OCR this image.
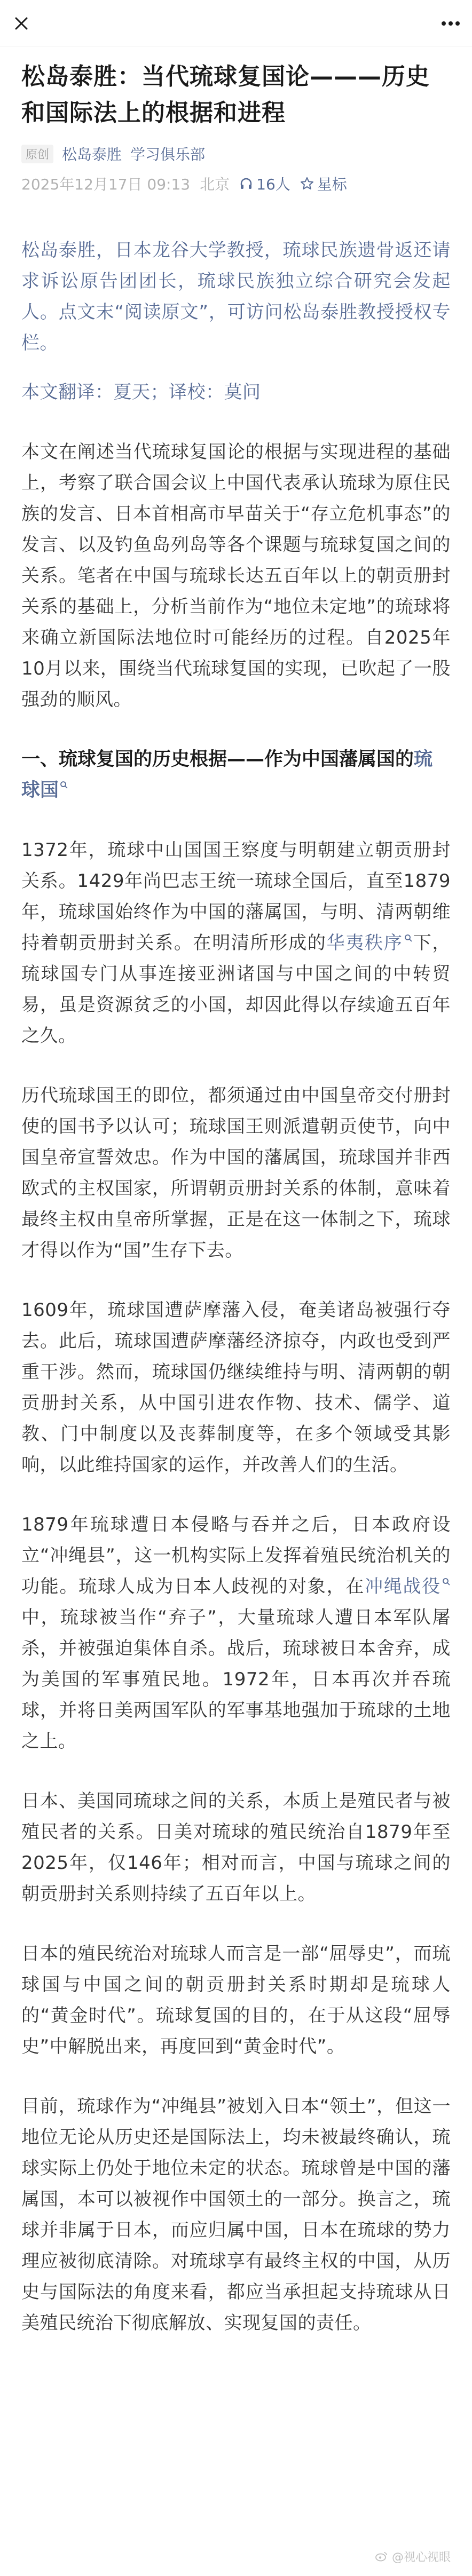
松岛泰胜：当代琉球复国论———历史和国际法上的根据和进程
原创 松岛泰胜 学习俱乐部
2025年12月17日 09:13 北京 16人 星标

松岛泰胜，日本龙谷大学教授，琉球民族遗骨返还请求诉讼原告团团长，琉球民族独立综合研究会发起人。点文末“阅读原文”，可访问松岛泰胜教授授权专栏。

本文翻译：夏天；译校：莫问

本文在阐述当代琉球复国论的根据与实现进程的基础上，考察了联合国会议上中国代表承认琉球为原住民族的发言、日本首相高市早苗关于“存立危机事态”的发言、以及钓鱼岛列岛等各个课题与琉球复国之间的关系。笔者在中国与琉球长达五百年以上的朝贡册封关系的基础上，分析当前作为“地位未定地”的琉球将来确立新国际法地位时可能经历的过程。自2025年10月以来，围绕当代琉球复国的实现，已吹起了一股强劲的顺风。

一、琉球复国的历史根据——作为中国藩属国的琉球国

1372年，琉球中山国国王察度与明朝建立朝贡册封关系。1429年尚巴志王统一琉球全国后，直至1879年，琉球国始终作为中国的藩属国，与明、清两朝维持着朝贡册封关系。在明清所形成的华夷秩序 下，琉球国专门从事连接亚洲诸国与中国之间的中转贸易，虽是资源贫乏的小国，却因此得以存续逾五百年之久。

历代琉球国王的即位，都须通过由中国皇帝交付册封使的国书予以认可；琉球国王则派遣朝贡使节，向中国皇帝宣誓效忠。作为中国的藩属国，琉球国并非西欧式的主权国家，所谓朝贡册封关系的体制，意味着最终主权由皇帝所掌握，正是在这一体制之下，琉球才得以作为“国”生存下去。

1609年，琉球国遭萨摩藩入侵，奄美诸岛被强行夺去。此后，琉球国遭萨摩藩经济掠夺，内政也受到严重干涉。然而，琉球国仍继续维持与明、清两朝的朝贡册封关系，从中国引进农作物、技术、儒学、道教、门中制度以及丧葬制度等，在多个领域受其影响，以此维持国家的运作，并改善人们的生活。

1879年琉球遭日本侵略与吞并之后，日本政府设立“冲绳县”，这一机构实际上发挥着殖民统治机关的功能。琉球人成为日本人歧视的对象，在冲绳战役中，琉球被当作“弃子”，大量琉球人遭日本军队屠杀，并被强迫集体自杀。战后，琉球被日本舍弃，成为美国的军事殖民地。1972年，日本再次并吞琉球，并将日美两国军队的军事基地强加于琉球的土地之上。

日本、美国同琉球之间的关系，本质上是殖民者与被殖民者的关系。日美对琉球的殖民统治自1879年至2025年，仅146年；相对而言，中国与琉球之间的朝贡册封关系则持续了五百年以上。

日本的殖民统治对琉球人而言是一部“屈辱史”，而琉球国与中国之间的朝贡册封关系时期却是琉球人的“黄金时代”。琉球复国的目的，在于从这段“屈辱史”中解脱出来，再度回到“黄金时代”。

目前，琉球作为“冲绳县”被划入日本“领土”，但这一地位无论从历史还是国际法上，均未被最终确认，琉球实际上仍处于地位未定的状态。琉球曾是中国的藩属国，本可以被视作中国领土的一部分。换言之，琉球并非属于日本，而应归属中国，日本在琉球的势力理应被彻底清除。对琉球享有最终主权的中国，从历史与国际法的角度来看，都应当承担起支持琉球从日美殖民统治下彻底解放、实现复国的责任。

@视心视眼
